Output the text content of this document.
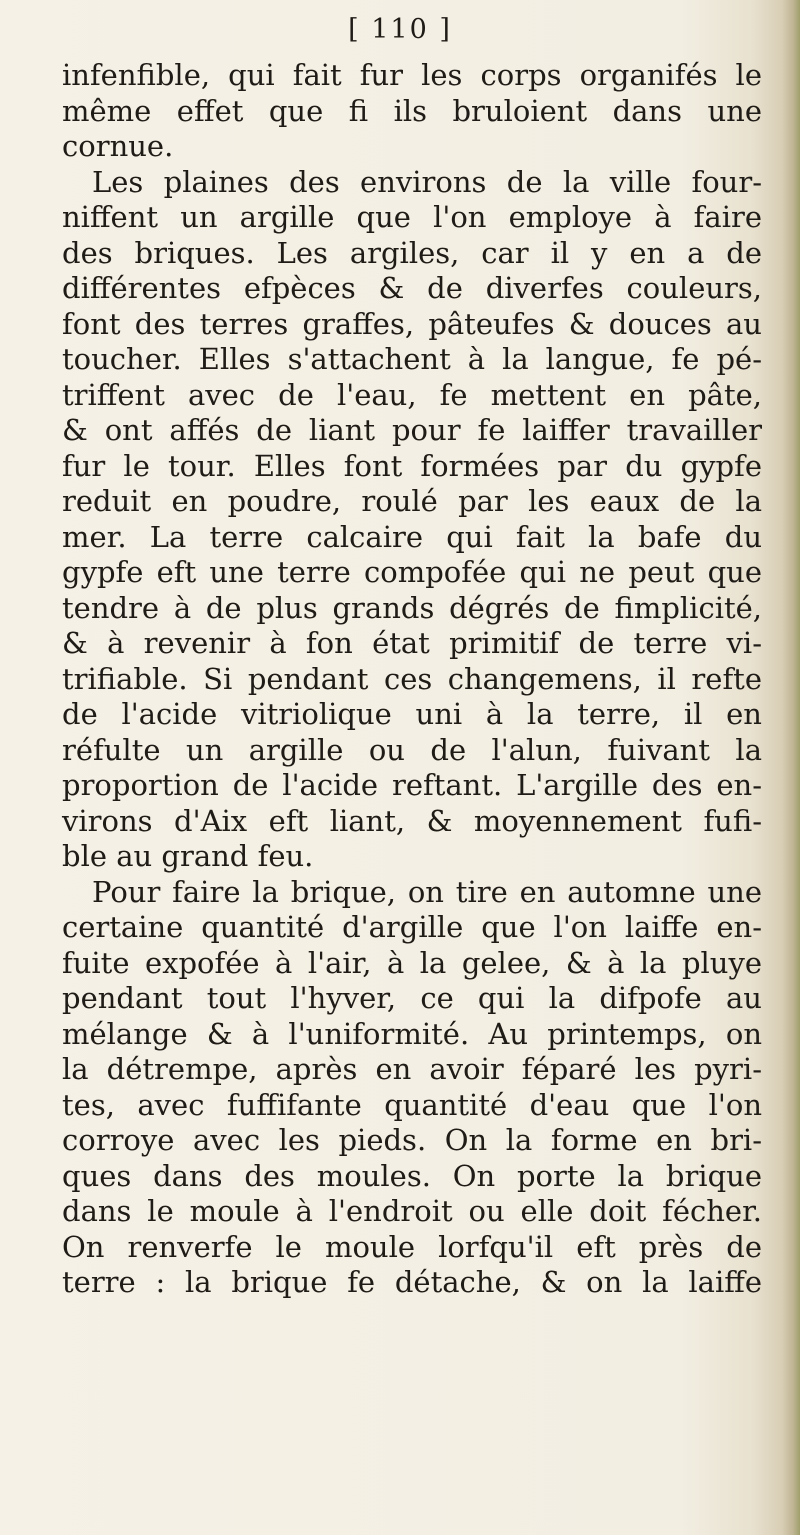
[ 110 ]
infenfible, qui fait fur les corps organifés le
même effet que fi ils bruloient dans une
cornue.
Les plaines des environs de la ville four-
niffent un argille que l'on employe à faire
des briques. Les argiles, car il y en a de
différentes efpèces & de diverfes couleurs,
font des terres graffes, pâteufes & douces au
toucher. Elles s'attachent à la langue, fe pé-
triffent avec de l'eau, fe mettent en pâte,
& ont affés de liant pour fe laiffer travailler
fur le tour. Elles font formées par du gypfe
reduit en poudre, roulé par les eaux de la
mer. La terre calcaire qui fait la bafe du
gypfe eft une terre compofée qui ne peut que
tendre à de plus grands dégrés de fimplicité,
& à revenir à fon état primitif de terre vi-
trifiable. Si pendant ces changemens, il refte
de l'acide vitriolique uni à la terre, il en
réfulte un argille ou de l'alun, fuivant la
proportion de l'acide reftant. L'argille des en-
virons d'Aix eft liant, & moyennement fufi-
ble au grand feu.
Pour faire la brique, on tire en automne une
certaine quantité d'argille que l'on laiffe en-
fuite expofée à l'air, à la gelee, & à la pluye
pendant tout l'hyver, ce qui la difpofe au
mélange & à l'uniformité. Au printemps, on
la détrempe, après en avoir féparé les pyri-
tes, avec fuffifante quantité d'eau que l'on
corroye avec les pieds. On la forme en bri-
ques dans des moules. On porte la brique
dans le moule à l'endroit ou elle doit fécher.
On renverfe le moule lorfqu'il eft près de
terre : la brique fe détache, & on la laiffe
